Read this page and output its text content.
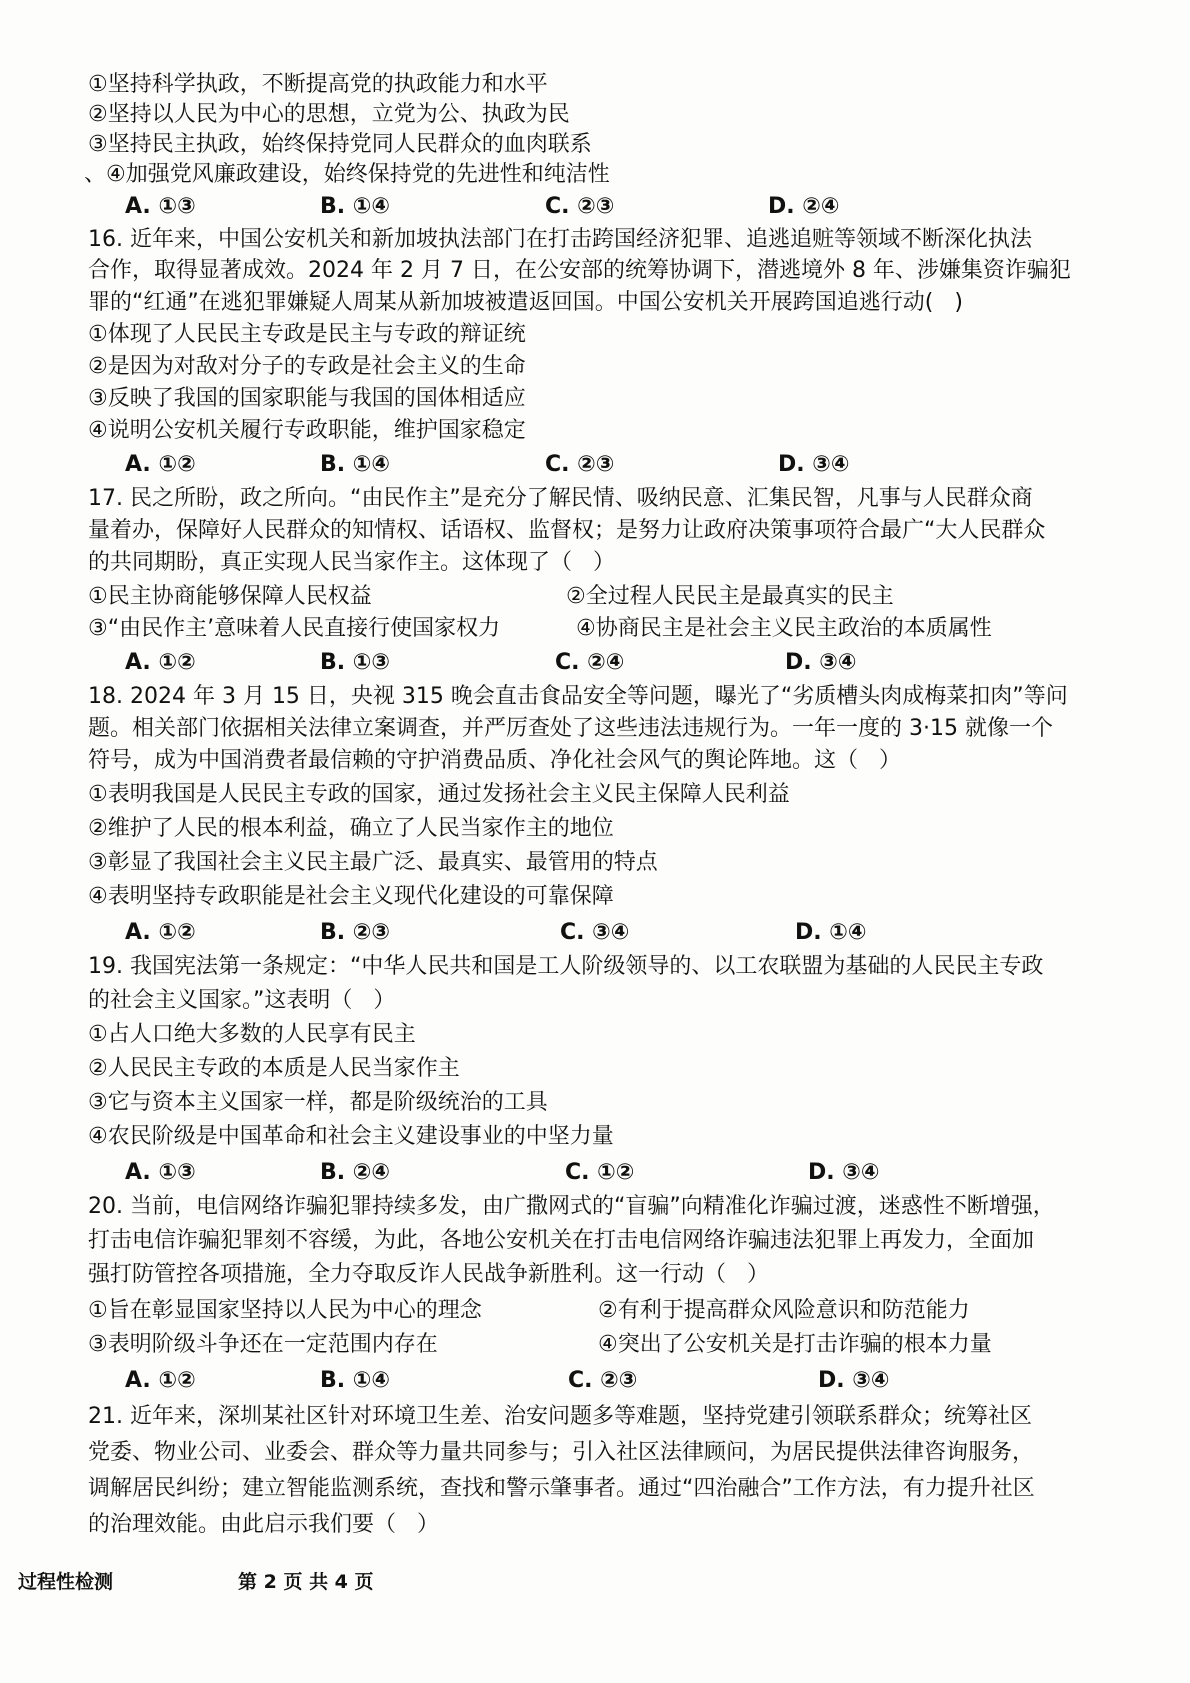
①坚持科学执政，不断提高党的执政能力和水平
②坚持以人民为中心的思想，立党为公、执政为民
③坚持民主执政，始终保持党同人民群众的血肉联系
、④加强党风廉政建设，始终保持党的先进性和纯洁性
A. ①③	B. ①④	C. ②③	D. ②④
16. 近年来，中国公安机关和新加坡执法部门在打击跨国经济犯罪、追逃追赃等领域不断深化执法
合作，取得显著成效。2024 年 2 月 7 日，在公安部的统筹协调下，潜逃境外 8 年、涉嫌集资诈骗犯
罪的“红通”在逃犯罪嫌疑人周某从新加坡被遣返回国。中国公安机关开展跨国追逃行动(   )
①体现了人民民主专政是民主与专政的辩证统
②是因为对敌对分子的专政是社会主义的生命
③反映了我国的国家职能与我国的国体相适应
④说明公安机关履行专政职能，维护国家稳定
A. ①②	B. ①④	C. ②③	D. ③④
17. 民之所盼，政之所向。“由民作主”是充分了解民情、吸纳民意、汇集民智，凡事与人民群众商
量着办，保障好人民群众的知情权、话语权、监督权；是努力让政府决策事项符合最广“大人民群众
的共同期盼，真正实现人民当家作主。这体现了（   ）
①民主协商能够保障人民权益	②全过程人民民主是最真实的民主
③“由民作主’意味着人民直接行使国家权力	④协商民主是社会主义民主政治的本质属性
A. ①②	B. ①③	C. ②④	D. ③④
18. 2024 年 3 月 15 日，央视 315 晚会直击食品安全等问题，曝光了“劣质槽头肉成梅菜扣肉”等问
题。相关部门依据相关法律立案调查，并严厉查处了这些违法违规行为。一年一度的 3·15 就像一个
符号，成为中国消费者最信赖的守护消费品质、净化社会风气的舆论阵地。这（   ）
①表明我国是人民民主专政的国家，通过发扬社会主义民主保障人民利益
②维护了人民的根本利益，确立了人民当家作主的地位
③彰显了我国社会主义民主最广泛、最真实、最管用的特点
④表明坚持专政职能是社会主义现代化建设的可靠保障
A. ①②	B. ②③	C. ③④	D. ①④
19. 我国宪法第一条规定：“中华人民共和国是工人阶级领导的、以工农联盟为基础的人民民主专政
的社会主义国家。”这表明（   ）
①占人口绝大多数的人民享有民主
②人民民主专政的本质是人民当家作主
③它与资本主义国家一样，都是阶级统治的工具
④农民阶级是中国革命和社会主义建设事业的中坚力量
A. ①③	B. ②④	C. ①②	D. ③④
20. 当前，电信网络诈骗犯罪持续多发，由广撒网式的“盲骗”向精准化诈骗过渡，迷惑性不断增强，
打击电信诈骗犯罪刻不容缓，为此，各地公安机关在打击电信网络诈骗违法犯罪上再发力，全面加
强打防管控各项措施，全力夺取反诈人民战争新胜利。这一行动（   ）
①旨在彰显国家坚持以人民为中心的理念	②有利于提高群众风险意识和防范能力
③表明阶级斗争还在一定范围内存在	④突出了公安机关是打击诈骗的根本力量
A. ①②	B. ①④	C. ②③	D. ③④
21. 近年来，深圳某社区针对环境卫生差、治安问题多等难题，坚持党建引领联系群众；统筹社区
党委、物业公司、业委会、群众等力量共同参与；引入社区法律顾问，为居民提供法律咨询服务，
调解居民纠纷；建立智能监测系统，查找和警示肇事者。通过“四治融合”工作方法，有力提升社区
的治理效能。由此启示我们要（   ）
过程性检测	第 2 页 共 4 页
